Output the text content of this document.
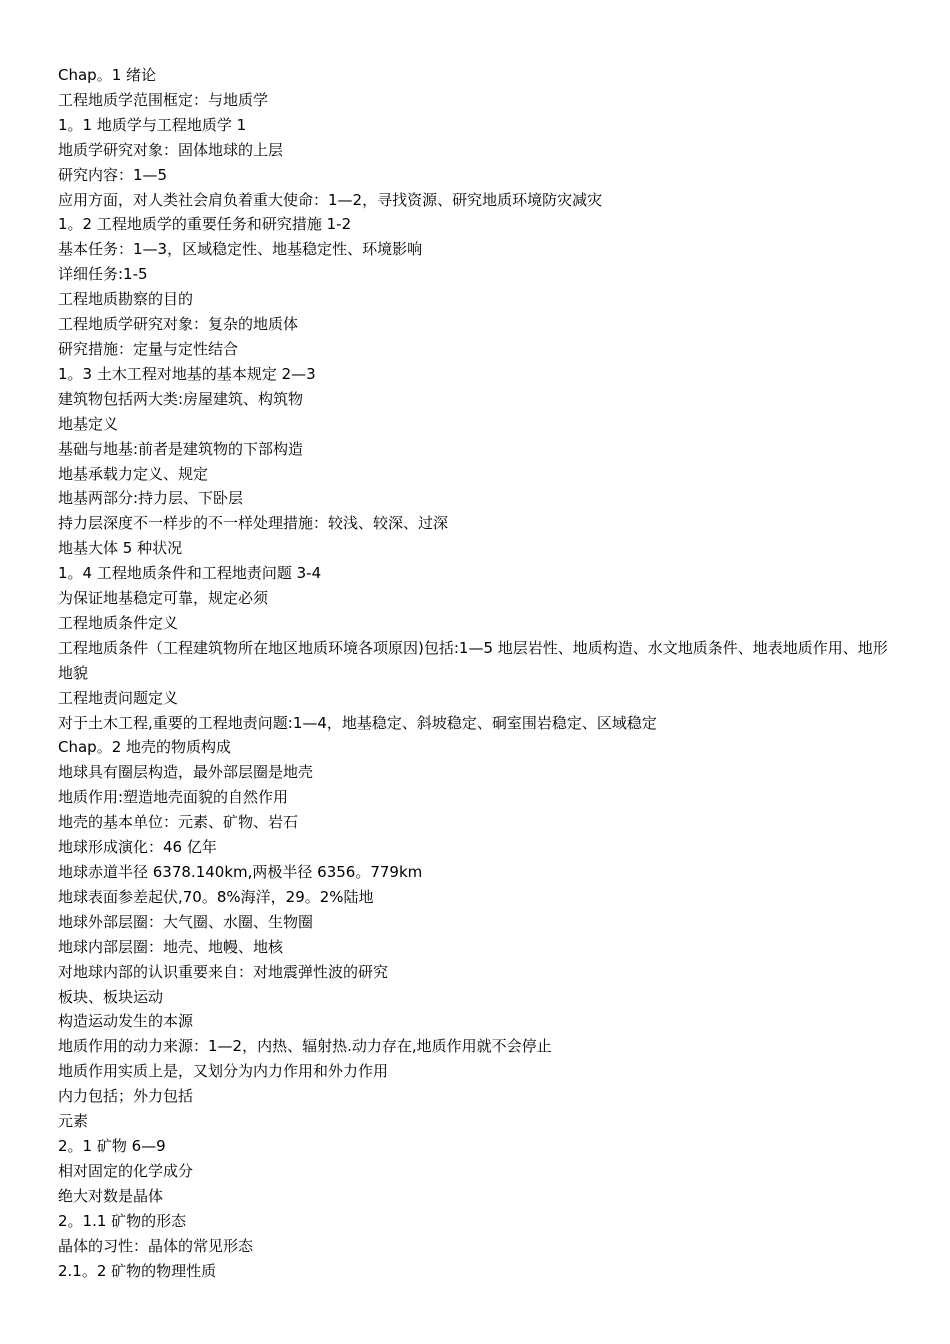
Chap。1 绪论

工程地质学范围框定：与地质学

1。1 地质学与工程地质学 1

地质学研究对象：固体地球的上层

研究内容：1—5

应用方面，对人类社会肩负着重大使命：1—2，寻找资源、研究地质环境防灾减灾

1。2 工程地质学的重要任务和研究措施 1-2

基本任务：1—3，区域稳定性、地基稳定性、环境影响

详细任务:1-5

工程地质勘察的目的

工程地质学研究对象：复杂的地质体

研究措施：定量与定性结合

1。3 土木工程对地基的基本规定 2—3

建筑物包括两大类:房屋建筑、构筑物

地基定义

基础与地基:前者是建筑物的下部构造

地基承载力定义、规定

地基两部分:持力层、下卧层

持力层深度不一样步的不一样处理措施：较浅、较深、过深

地基大体 5 种状况

1。4 工程地质条件和工程地责问题 3-4

为保证地基稳定可靠，规定必须

工程地质条件定义

工程地质条件（工程建筑物所在地区地质环境各项原因)包括:1—5 地层岩性、地质构造、水文地质条件、地表地质作用、地形地貌

工程地责问题定义

对于土木工程,重要的工程地责问题:1—4，地基稳定、斜坡稳定、硐室围岩稳定、区域稳定

Chap。2 地壳的物质构成

地球具有圈层构造，最外部层圈是地壳

地质作用:塑造地壳面貌的自然作用

地壳的基本单位：元素、矿物、岩石

地球形成演化：46 亿年

地球赤道半径 6378.140km,两极半径 6356。779km

地球表面参差起伏,70。8%海洋，29。2%陆地

地球外部层圈：大气圈、水圈、生物圈

地球内部层圈：地壳、地幔、地核

对地球内部的认识重要来自：对地震弹性波的研究

板块、板块运动

构造运动发生的本源

地质作用的动力来源：1—2，内热、辐射热.动力存在,地质作用就不会停止

地质作用实质上是，又划分为内力作用和外力作用

内力包括；外力包括

元素

2。1 矿物 6—9

相对固定的化学成分

绝大对数是晶体

2。1.1 矿物的形态

晶体的习性：晶体的常见形态

2.1。2 矿物的物理性质
